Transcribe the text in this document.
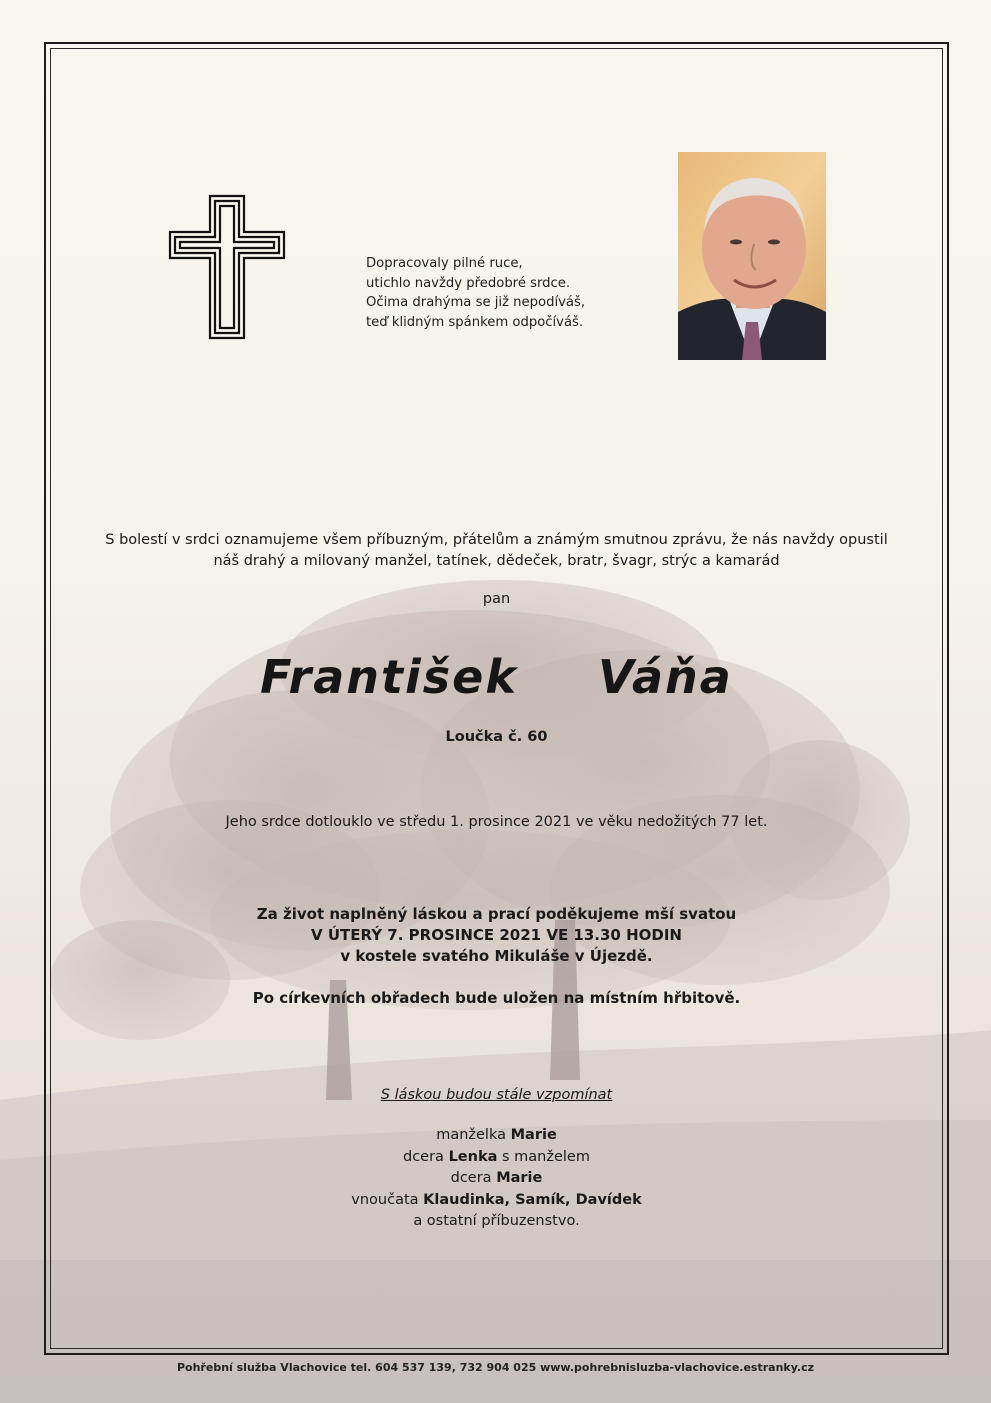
Dopracovaly pilné ruce,
utichlo navždy předobré srdce.
Očima drahýma se již nepodíváš,
teď klidným spánkem odpočíváš.
S bolestí v srdci oznamujeme všem příbuzným, přátelům a známým smutnou zprávu, že nás navždy opustil
náš drahý a milovaný manžel, tatínek, dědeček, bratr, švagr, strýc a kamarád
pan
František  Váňa
Loučka č. 60
Jeho srdce dotlouklo ve středu 1. prosince 2021 ve věku nedožitých 77 let.
Za život naplněný láskou a prací poděkujeme mší svatou
V ÚTERÝ 7. PROSINCE 2021 VE 13.30 HODIN
v kostele svatého Mikuláše v Újezdě.
Po církevních obřadech bude uložen na místním hřbitově.
S láskou budou stále vzpomínat
manželka Marie
dcera Lenka s manželem
dcera Marie
vnoučata Klaudinka, Samík, Davídek
a ostatní příbuzenstvo.
Pohřební služba Vlachovice tel. 604 537 139, 732 904 025 www.pohrebnisluzba-vlachovice.estranky.cz
